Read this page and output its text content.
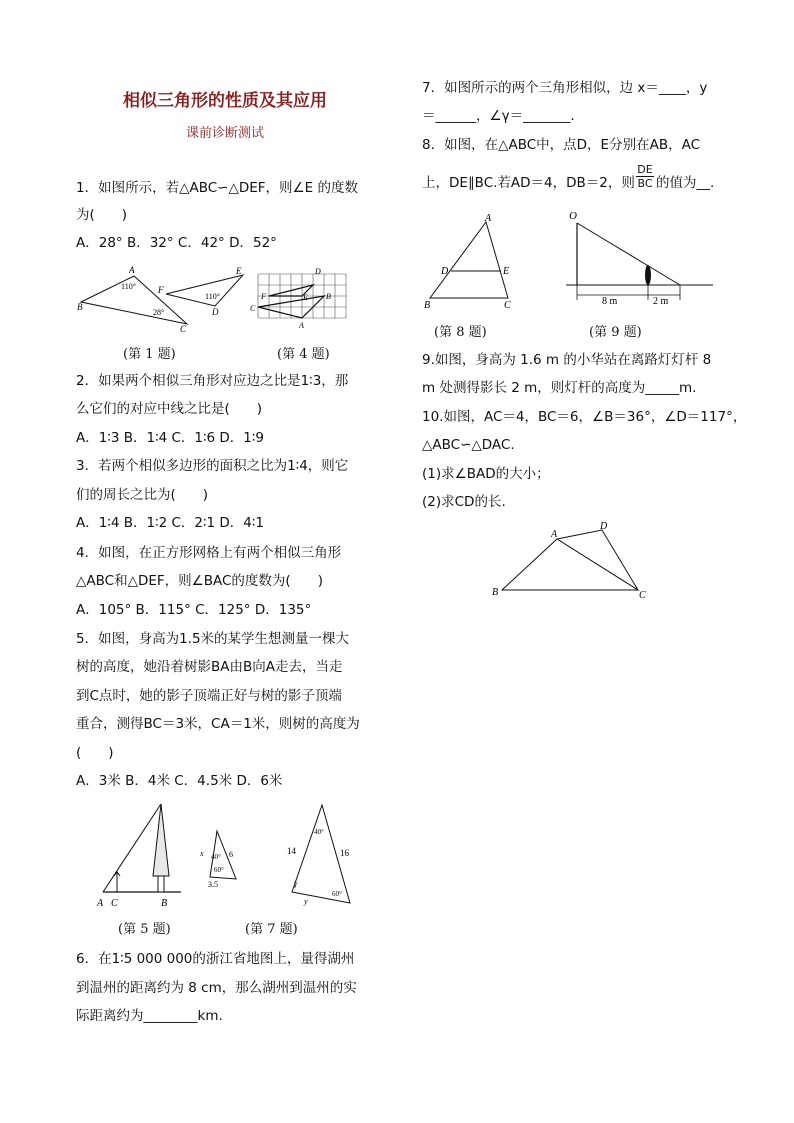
相似三角形的性质及其应用
课前诊断测试
1．如图所示，若△ABC∽△DEF，则∠E 的度数
为(　　)
A．28° B．32° C．42° D．52°
A
B
C
E
F
D
110°
28°
110°
D
F	E
C
B
A
(第 1 题)	(第 4 题)
2．如果两个相似三角形对应边之比是1∶3，那
么它们的对应中线之比是(　　)
A．1∶3 B．1∶4 C．1∶6 D．1∶9
3．若两个相似多边形的面积之比为1∶4，则它
们的周长之比为(　　)
A．1∶4 B．1∶2 C．2∶1 D．4∶1
4．如图，在正方形网格上有两个相似三角形
△ABC和△DEF，则∠BAC的度数为(　　)
A．105° B．115° C．125° D．135°
5．如图，身高为1.5米的某学生想测量一棵大
树的高度，她沿着树影BA由B向A走去，当走
到C点时，她的影子顶端正好与树的影子顶端
重合，测得BC＝3米，CA＝1米，则树的高度为
(　　)
A．3米 B．4米 C．4.5米 D．6米
A C	B
x	6
3.5
40°
60°
14	16
y
γ
40°
60°
(第 5 题)	(第 7 题)
6．在1∶5 000 000的浙江省地图上，量得湖州
到温州的距离约为 8 cm，那么湖州到温州的实
际距离约为________km.
7．如图所示的两个三角形相似，边 x＝____，y
＝______，∠γ＝_______.
8．如图，在△ABC中，点D，E分别在AB，AC
上，DE∥BC.若AD＝4，DB＝2，则 $\frac{DE}{BC}$ 的值为__.
A
B	C
D	E
O
8 m	2 m
(第 8 题)	(第 9 题)
9.如图，身高为 1.6 m 的小华站在离路灯灯杆 8
m 处测得影长 2 m，则灯杆的高度为_____m.
10.如图，AC＝4，BC＝6，∠B＝36°，∠D＝117°，
△ABC∽△DAC.
(1)求∠BAD的大小；
(2)求CD的长.
A
B	C
D
